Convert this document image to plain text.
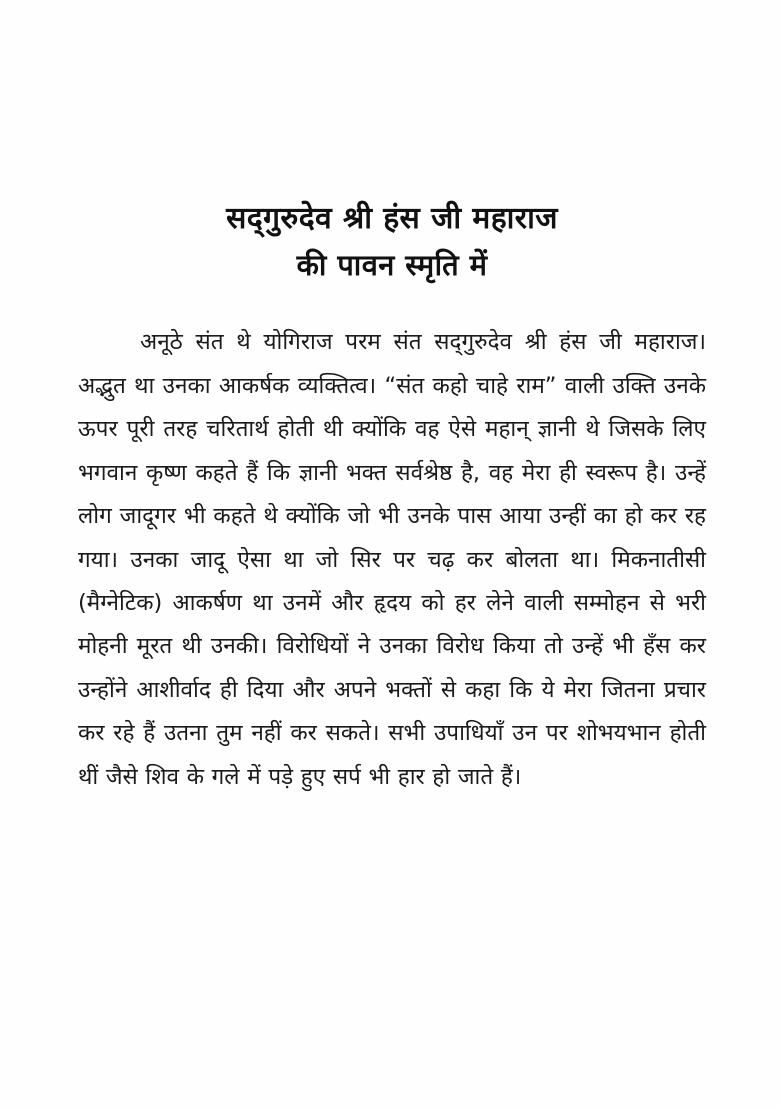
सद्‌गुरुदेव श्री हंस जी महाराज
की पावन स्मृति में

अनूठे संत थे योगिराज परम संत सद्‌गुरुदेव श्री हंस जी महाराज। अद्भुत था उनका आकर्षक व्यक्तित्व। “संत कहो चाहे राम” वाली उक्ति उनके ऊपर पूरी तरह चरितार्थ होती थी क्योंकि वह ऐसे महान् ज्ञानी थे जिसके लिए भगवान कृष्ण कहते हैं कि ज्ञानी भक्त सर्वश्रेष्ठ है, वह मेरा ही स्वरूप है। उन्हें लोग जादूगर भी कहते थे क्योंकि जो भी उनके पास आया उन्हीं का हो कर रह गया। उनका जादू ऐसा था जो सिर पर चढ़ कर बोलता था। मिकनातीसी (मैग्नेटिक) आकर्षण था उनमें और हृदय को हर लेने वाली सम्मोहन से भरी मोहनी मूरत थी उनकी। विरोधियों ने उनका विरोध किया तो उन्हें भी हँस कर उन्होंने आशीर्वाद ही दिया और अपने भक्तों से कहा कि ये मेरा जितना प्रचार कर रहे हैं उतना तुम नहीं कर सकते। सभी उपाधियाँ उन पर शोभयभान होती थीं जैसे शिव के गले में पड़े हुए सर्प भी हार हो जाते हैं।
